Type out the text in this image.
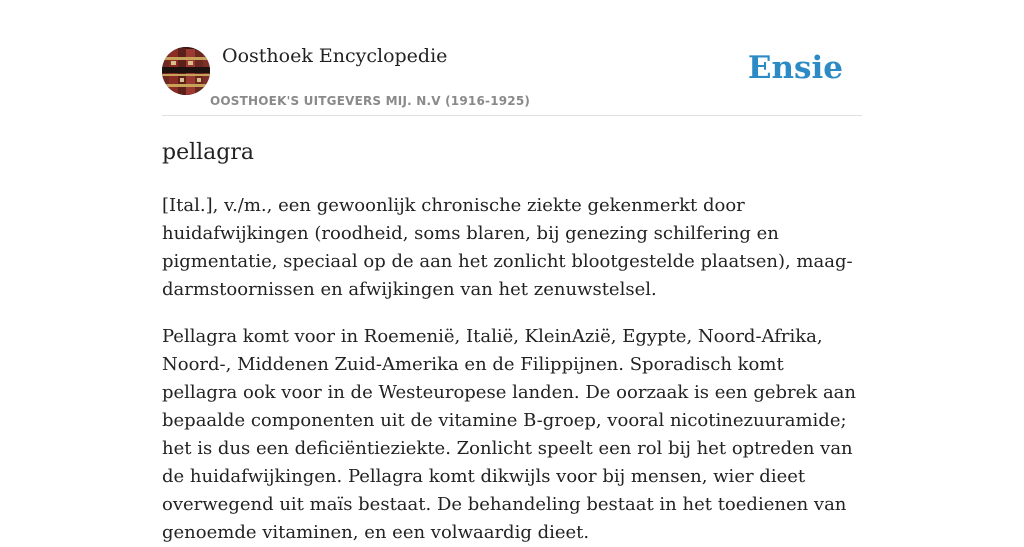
Oosthoek Encyclopedie
OOSTHOEK'S UITGEVERS MIJ. N.V (1916-1925)
Ensie
pellagra

[Ital.], v./m., een gewoonlijk chronische ziekte gekenmerkt door huidafwijkingen (roodheid, soms blaren, bij genezing schilfering en pigmentatie, speciaal op de aan het zonlicht blootgestelde plaatsen), maag-darmstoornissen en afwijkingen van het zenuwstelsel.

Pellagra komt voor in Roemenië, Italië, KleinAzië, Egypte, Noord-Afrika, Noord-, Middenen Zuid-Amerika en de Filippijnen. Sporadisch komt pellagra ook voor in de Westeuropese landen. De oorzaak is een gebrek aan bepaalde componenten uit de vitamine B-groep, vooral nicotinezuuramide; het is dus een deficiëntieziekte. Zonlicht speelt een rol bij het optreden van de huidafwijkingen. Pellagra komt dikwijls voor bij mensen, wier dieet overwegend uit maïs bestaat. De behandeling bestaat in het toedienen van genoemde vitaminen, en een volwaardig dieet.
